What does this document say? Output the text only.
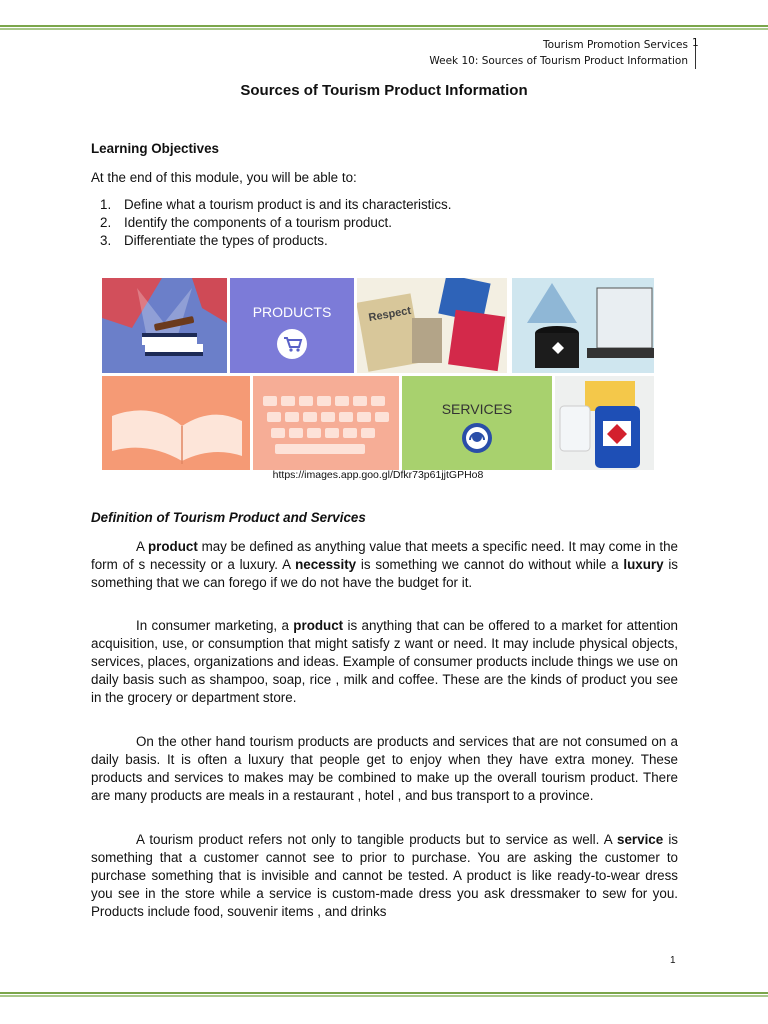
Tourism Promotion Services
Week 10: Sources of Tourism Product Information
1
Sources of Tourism Product Information
Learning Objectives
At the end of this module, you will be able to:
1. Define what a tourism product is and its characteristics.
2. Identify the components of a tourism product.
3. Differentiate the types of products.
PRODUCTS	Respect
SERVICES
https://images.app.goo.gl/Dfkr73p61jjtGPHo8
Definition of Tourism Product and Services

A product may be defined as anything value that meets a specific need. It may come in the form of s necessity or a luxury. A necessity is something we cannot do without while a luxury is something that we can forego if we do not have the budget for it.

In consumer marketing, a product is anything that can be offered to a market for attention acquisition, use, or consumption that might satisfy z want or need. It may include physical objects, services, places, organizations and ideas. Example of consumer products include things we use on daily basis such as shampoo, soap, rice , milk and coffee. These are the kinds of product you see in the grocery or department store.

On the other hand tourism products are products and services that are not consumed on a daily basis. It is often a luxury that people get to enjoy when they have extra money. These products and services to makes may be combined to make up the overall tourism product. There are many products are meals in a restaurant , hotel , and bus transport to a province.

A tourism product refers not only to tangible products but to service as well. A service is something that a customer cannot see to prior to purchase. You are asking the customer to purchase something that is invisible and cannot be tested. A product is like ready-to-wear dress you see in the store while a service is custom-made dress you ask dressmaker to sew for you. Products include food, souvenir items , and drinks

1
